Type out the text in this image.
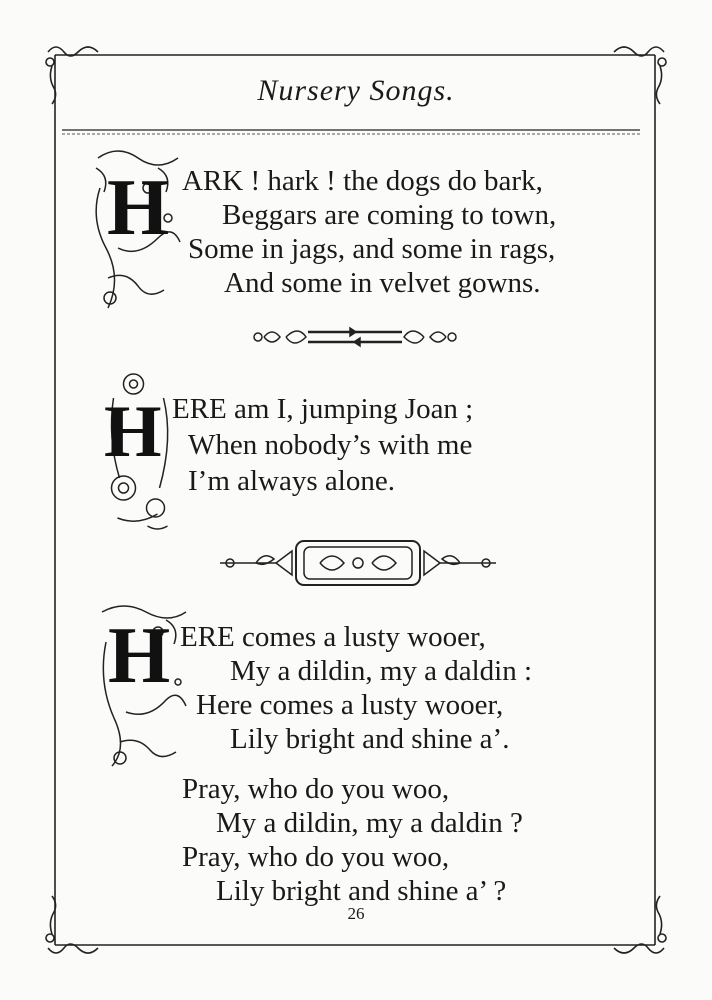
Nursery Songs.
H ARK ! hark ! the dogs do bark,
Beggars are coming to town,
Some in jags, and some in rags,
And some in velvet gowns.
H ERE am I, jumping Joan ;
When nobody’s with me
I’m always alone.
H ERE comes a lusty wooer,
My a dildin, my a daldin :
Here comes a lusty wooer,
Lily bright and shine a’.
Pray, who do you woo,
My a dildin, my a daldin ?
Pray, who do you woo,
Lily bright and shine a’ ?
26
